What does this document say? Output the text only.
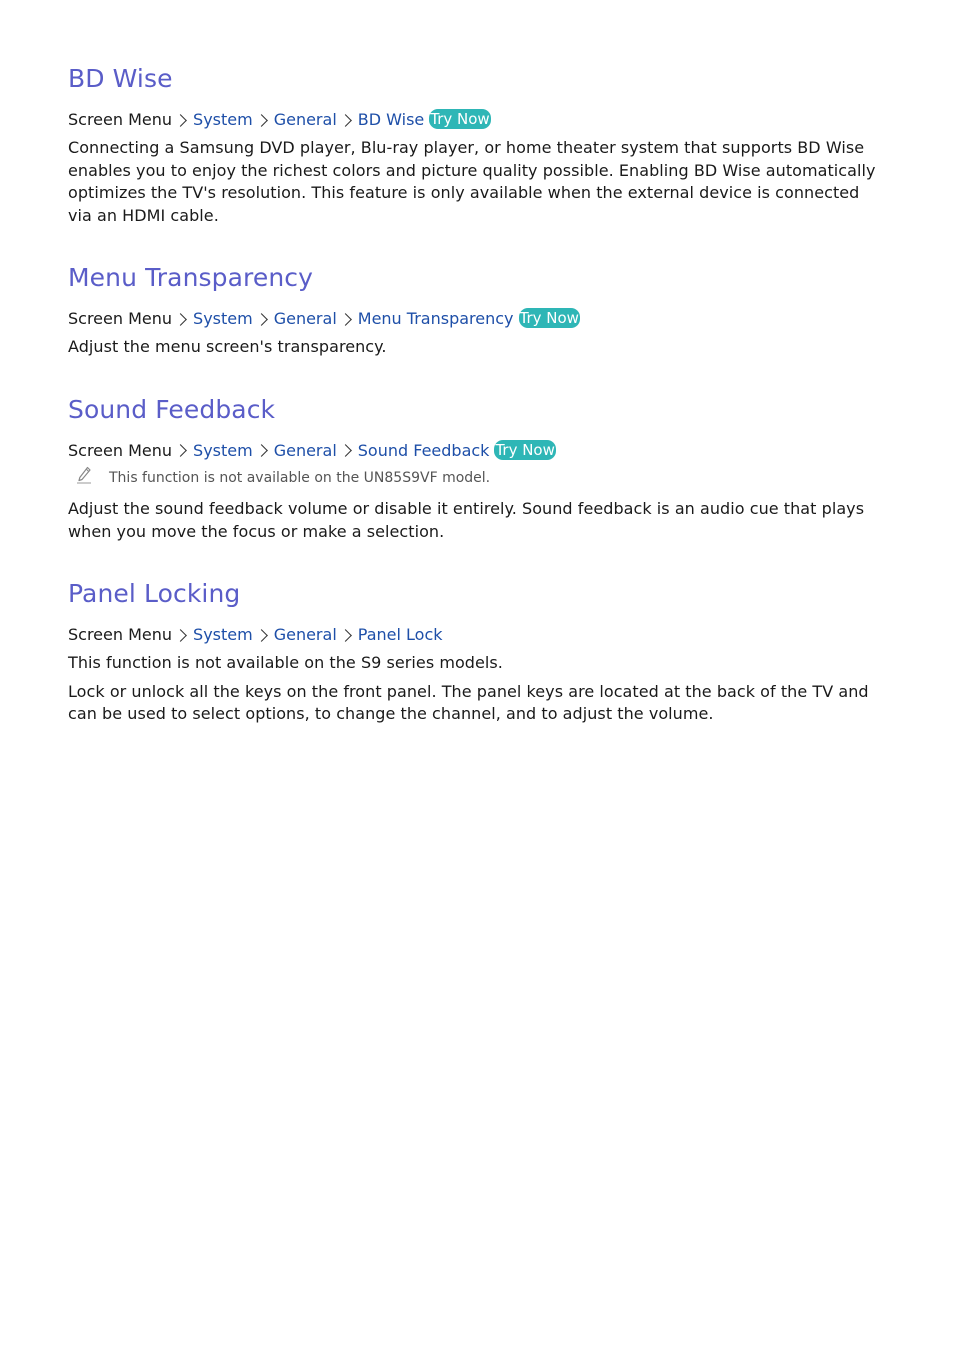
BD Wise
Screen Menu System General BD Wise Try Now

Connecting a Samsung DVD player, Blu-ray player, or home theater system that supports BD Wise enables you to enjoy the richest colors and picture quality possible. Enabling BD Wise automatically optimizes the TV's resolution. This feature is only available when the external device is connected via an HDMI cable.

Menu Transparency
Screen Menu System General Menu Transparency Try Now

Adjust the menu screen's transparency.

Sound Feedback
Screen Menu System General Sound Feedback Try Now
This function is not available on the UN85S9VF model.

Adjust the sound feedback volume or disable it entirely. Sound feedback is an audio cue that plays when you move the focus or make a selection.

Panel Locking
Screen Menu System General Panel Lock

This function is not available on the S9 series models.

Lock or unlock all the keys on the front panel. The panel keys are located at the back of the TV and can be used to select options, to change the channel, and to adjust the volume.
